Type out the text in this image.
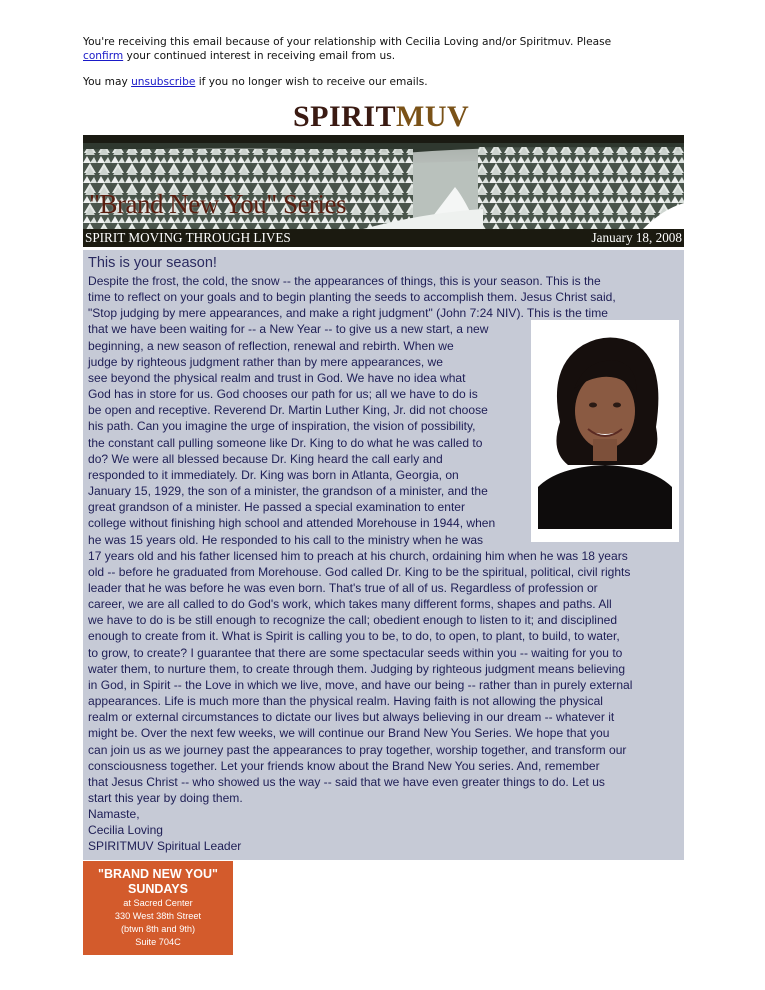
You're receiving this email because of your relationship with Cecilia Loving and/or Spiritmuv. Please
confirm your continued interest in receiving email from us.

You may unsubscribe if you no longer wish to receive our emails.

SPIRITMUV
"Brand New You" Series
SPIRIT MOVING THROUGH LIVES	January 18, 2008
This is your season!
Despite the frost, the cold, the snow -- the appearances of things, this is your season. This is the
time to reflect on your goals and to begin planting the seeds to accomplish them. Jesus Christ said,
"Stop judging by mere appearances, and make a right judgment" (John 7:24 NIV). This is the time
that we have been waiting for -- a New Year -- to give us a new start, a new
beginning, a new season of reflection, renewal and rebirth. When we
judge by righteous judgment rather than by mere appearances, we
see beyond the physical realm and trust in God. We have no idea what
God has in store for us. God chooses our path for us; all we have to do is
be open and receptive. Reverend Dr. Martin Luther King, Jr. did not choose
his path. Can you imagine the urge of inspiration, the vision of possibility,
the constant call pulling someone like Dr. King to do what he was called to
do? We were all blessed because Dr. King heard the call early and
responded to it immediately. Dr. King was born in Atlanta, Georgia, on
January 15, 1929, the son of a minister, the grandson of a minister, and the
great grandson of a minister. He passed a special examination to enter
college without finishing high school and attended Morehouse in 1944, when
he was 15 years old. He responded to his call to the ministry when he was
17 years old and his father licensed him to preach at his church, ordaining him when he was 18 years
old -- before he graduated from Morehouse. God called Dr. King to be the spiritual, political, civil rights
leader that he was before he was even born. That's true of all of us. Regardless of profession or
career, we are all called to do God's work, which takes many different forms, shapes and paths. All
we have to do is be still enough to recognize the call; obedient enough to listen to it; and disciplined
enough to create from it. What is Spirit is calling you to be, to do, to open, to plant, to build, to water,
to grow, to create? I guarantee that there are some spectacular seeds within you -- waiting for you to
water them, to nurture them, to create through them. Judging by righteous judgment means believing
in God, in Spirit -- the Love in which we live, move, and have our being -- rather than in purely external
appearances. Life is much more than the physical realm. Having faith is not allowing the physical
realm or external circumstances to dictate our lives but always believing in our dream -- whatever it
might be. Over the next few weeks, we will continue our Brand New You Series. We hope that you
can join us as we journey past the appearances to pray together, worship together, and transform our
consciousness together. Let your friends know about the Brand New You series. And, remember
that Jesus Christ -- who showed us the way -- said that we have even greater things to do. Let us
start this year by doing them.
Namaste,
Cecilia Loving
SPIRITMUV Spiritual Leader
"BRAND NEW YOU"
SUNDAYS
at Sacred Center
330 West 38th Street
(btwn 8th and 9th)
Suite 704C
